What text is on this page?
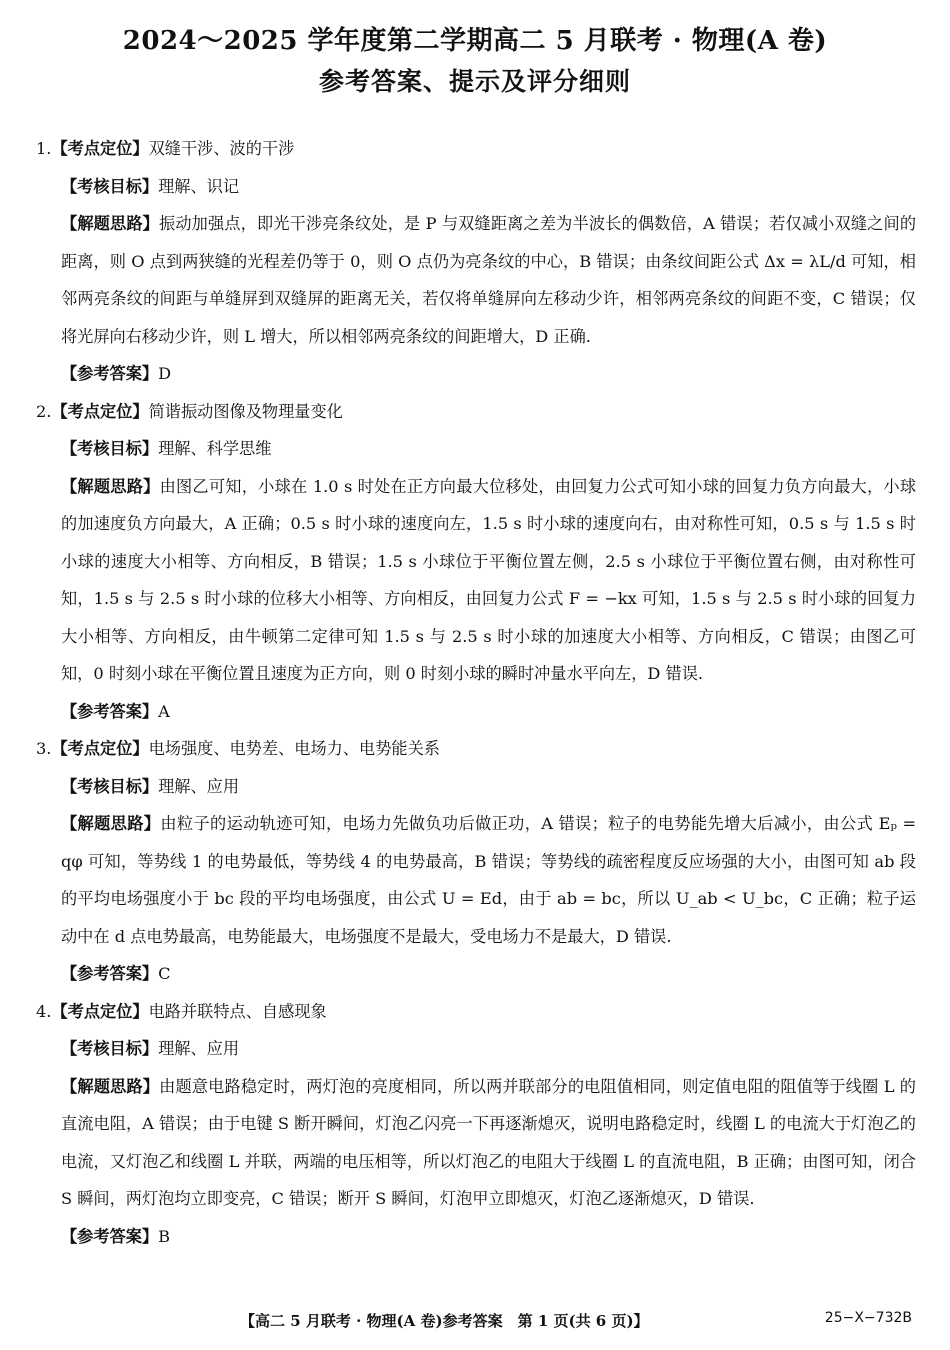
2024～2025 学年度第二学期高二 5 月联考 · 物理(A 卷)
参考答案、提示及评分细则

1.【考点定位】双缝干涉、波的干涉

【考核目标】理解、识记

【解题思路】振动加强点，即光干涉亮条纹处，是 P 与双缝距离之差为半波长的偶数倍，A 错误；若仅减小双缝之间的距离，则 O 点到两狭缝的光程差仍等于 0，则 O 点仍为亮条纹的中心，B 错误；由条纹间距公式 Δx = λL/d 可知，相邻两亮条纹的间距与单缝屏到双缝屏的距离无关，若仅将单缝屏向左移动少许，相邻两亮条纹的间距不变，C 错误；仅将光屏向右移动少许，则 L 增大，所以相邻两亮条纹的间距增大，D 正确.

【参考答案】D

2.【考点定位】简谐振动图像及物理量变化

【考核目标】理解、科学思维

【解题思路】由图乙可知，小球在 1.0 s 时处在正方向最大位移处，由回复力公式可知小球的回复力负方向最大，小球的加速度负方向最大，A 正确；0.5 s 时小球的速度向左，1.5 s 时小球的速度向右，由对称性可知，0.5 s 与 1.5 s 时小球的速度大小相等、方向相反，B 错误；1.5 s 小球位于平衡位置左侧，2.5 s 小球位于平衡位置右侧，由对称性可知，1.5 s 与 2.5 s 时小球的位移大小相等、方向相反，由回复力公式 F = −kx 可知，1.5 s 与 2.5 s 时小球的回复力大小相等、方向相反，由牛顿第二定律可知 1.5 s 与 2.5 s 时小球的加速度大小相等、方向相反，C 错误；由图乙可知，0 时刻小球在平衡位置且速度为正方向，则 0 时刻小球的瞬时冲量水平向左，D 错误.

【参考答案】A

3.【考点定位】电场强度、电势差、电场力、电势能关系

【考核目标】理解、应用

【解题思路】由粒子的运动轨迹可知，电场力先做负功后做正功，A 错误；粒子的电势能先增大后减小，由公式 Eₚ = qφ 可知，等势线 1 的电势最低，等势线 4 的电势最高，B 错误；等势线的疏密程度反应场强的大小，由图可知 ab 段的平均电场强度小于 bc 段的平均电场强度，由公式 U = Ed，由于 ab = bc，所以 U_ab < U_bc，C 正确；粒子运动中在 d 点电势最高，电势能最大，电场强度不是最大，受电场力不是最大，D 错误.

【参考答案】C

4.【考点定位】电路并联特点、自感现象

【考核目标】理解、应用

【解题思路】由题意电路稳定时，两灯泡的亮度相同，所以两并联部分的电阻值相同，则定值电阻的阻值等于线圈 L 的直流电阻，A 错误；由于电键 S 断开瞬间，灯泡乙闪亮一下再逐渐熄灭，说明电路稳定时，线圈 L 的电流大于灯泡乙的电流，又灯泡乙和线圈 L 并联，两端的电压相等，所以灯泡乙的电阻大于线圈 L 的直流电阻，B 正确；由图可知，闭合 S 瞬间，两灯泡均立即变亮，C 错误；断开 S 瞬间，灯泡甲立即熄灭，灯泡乙逐渐熄灭，D 错误.

【参考答案】B

【高二 5 月联考 · 物理(A 卷)参考答案　第 1 页(共 6 页)】	25−X−732B
